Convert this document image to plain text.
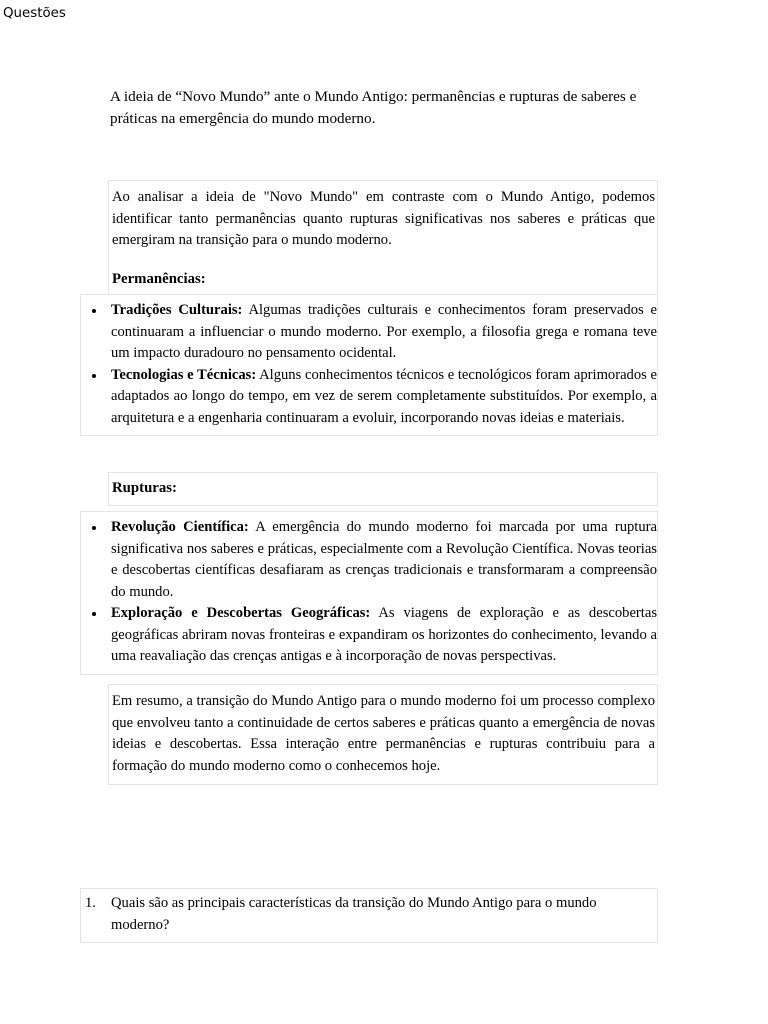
A ideia de “Novo Mundo” ante o Mundo Antigo: permanências e rupturas de saberes e práticas na emergência do mundo moderno.

Ao analisar a ideia de "Novo Mundo" em contraste com o Mundo Antigo, podemos identificar tanto permanências quanto rupturas significativas nos saberes e práticas que emergiram na transição para o mundo moderno.

Permanências:

Tradições Culturais: Algumas tradições culturais e conhecimentos foram preservados e continuaram a influenciar o mundo moderno. Por exemplo, a filosofia grega e romana teve um impacto duradouro no pensamento ocidental.
Tecnologias e Técnicas: Alguns conhecimentos técnicos e tecnológicos foram aprimorados e adaptados ao longo do tempo, em vez de serem completamente substituídos. Por exemplo, a arquitetura e a engenharia continuaram a evoluir, incorporando novas ideias e materiais.

Rupturas:

Revolução Científica: A emergência do mundo moderno foi marcada por uma ruptura significativa nos saberes e práticas, especialmente com a Revolução Científica. Novas teorias e descobertas científicas desafiaram as crenças tradicionais e transformaram a compreensão do mundo.
Exploração e Descobertas Geográficas: As viagens de exploração e as descobertas geográficas abriram novas fronteiras e expandiram os horizontes do conhecimento, levando a uma reavaliação das crenças antigas e à incorporação de novas perspectivas.

Em resumo, a transição do Mundo Antigo para o mundo moderno foi um processo complexo que envolveu tanto a continuidade de certos saberes e práticas quanto a emergência de novas ideias e descobertas. Essa interação entre permanências e rupturas contribuiu para a formação do mundo moderno como o conhecemos hoje.

Questões

Quais são as principais características da transição do Mundo Antigo para o mundo moderno?
